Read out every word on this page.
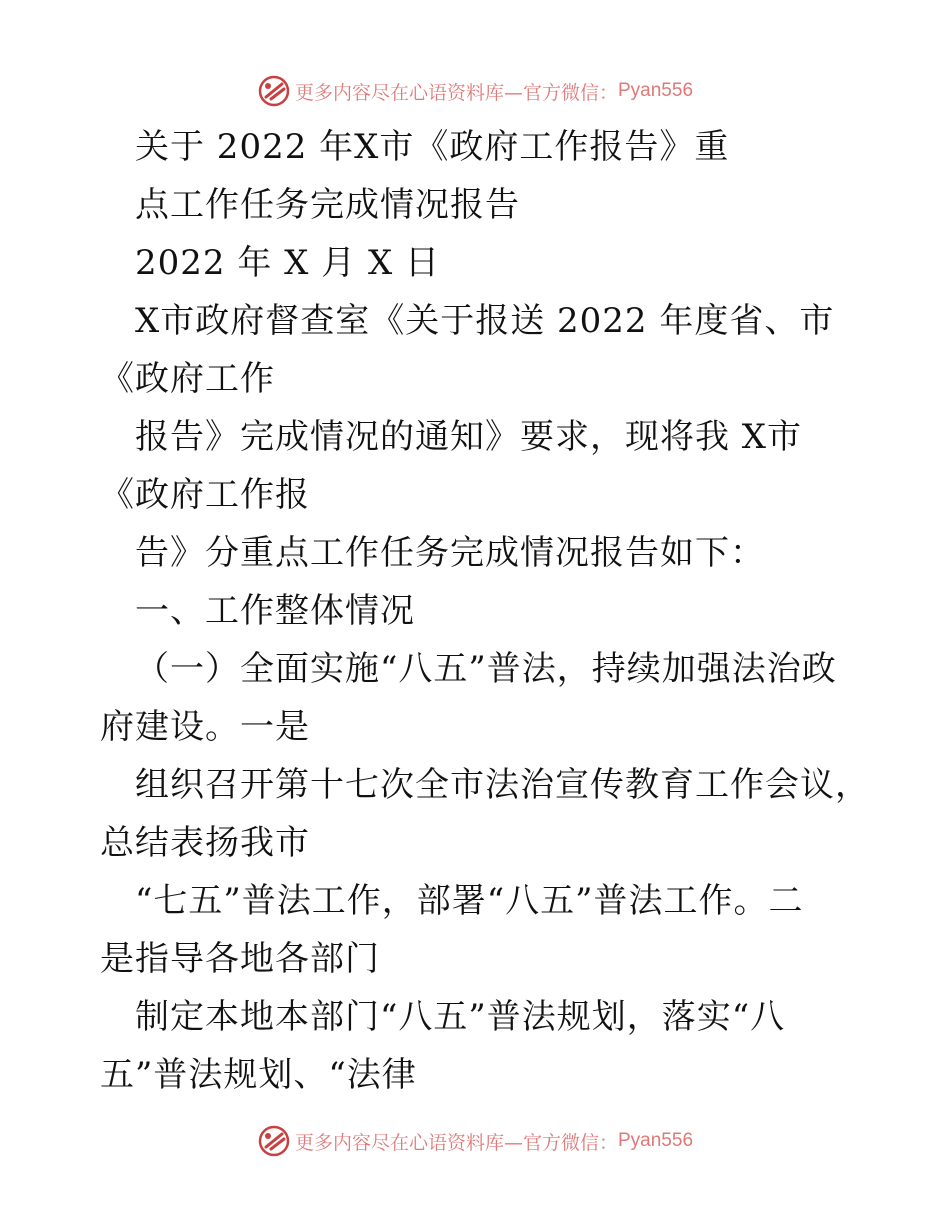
更多内容尽在心语资料库—官方微信： Pyan556
关于 2022 年X市《政府工作报告》重
点工作任务完成情况报告
2022 年 X 月 X 日
X市政府督查室《关于报送 2022 年度省、市
《政府工作
报告》完成情况的通知》要求，现将我 X市
《政府工作报
告》分重点工作任务完成情况报告如下：
一、工作整体情况
（一）全面实施“八五”普法，持续加强法治政
府建设。一是
组织召开第十七次全市法治宣传教育工作会议，
总结表扬我市
“七五”普法工作，部署“八五”普法工作。二
是指导各地各部门
制定本地本部门“八五”普法规划，落实“八
五”普法规划、“法律
更多内容尽在心语资料库—官方微信： Pyan556
